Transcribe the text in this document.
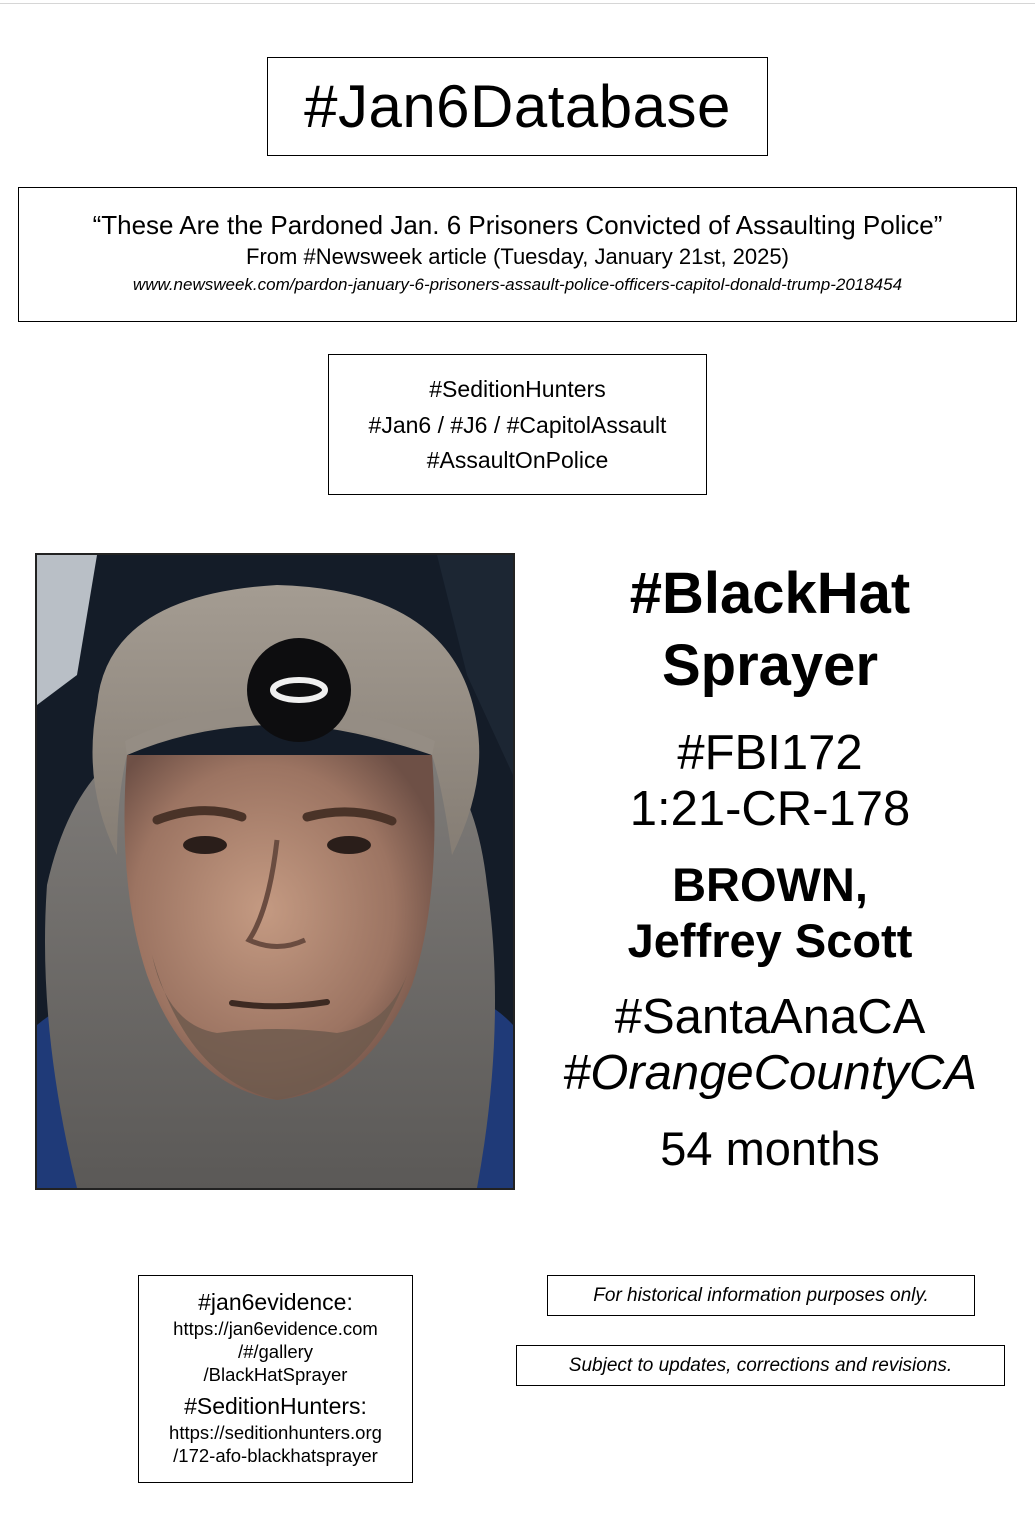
#Jan6Database
“These Are the Pardoned Jan. 6 Prisoners Convicted of Assaulting Police”
From #Newsweek article (Tuesday, January 21st, 2025)
www.newsweek.com/pardon-january-6-prisoners-assault-police-officers-capitol-donald-trump-2018454
#SeditionHunters
#Jan6 / #J6 / #CapitolAssault
#AssaultOnPolice
#BlackHat
Sprayer
#FBI172
1:21-CR-178
BROWN,
Jeffrey Scott
#SantaAnaCA
#OrangeCountyCA
54 months
#jan6evidence:
https://jan6evidence.com
/#/gallery
/BlackHatSprayer
#SeditionHunters:
https://seditionhunters.org
/172-afo-blackhatsprayer
For historical information purposes only.
Subject to updates, corrections and revisions.
